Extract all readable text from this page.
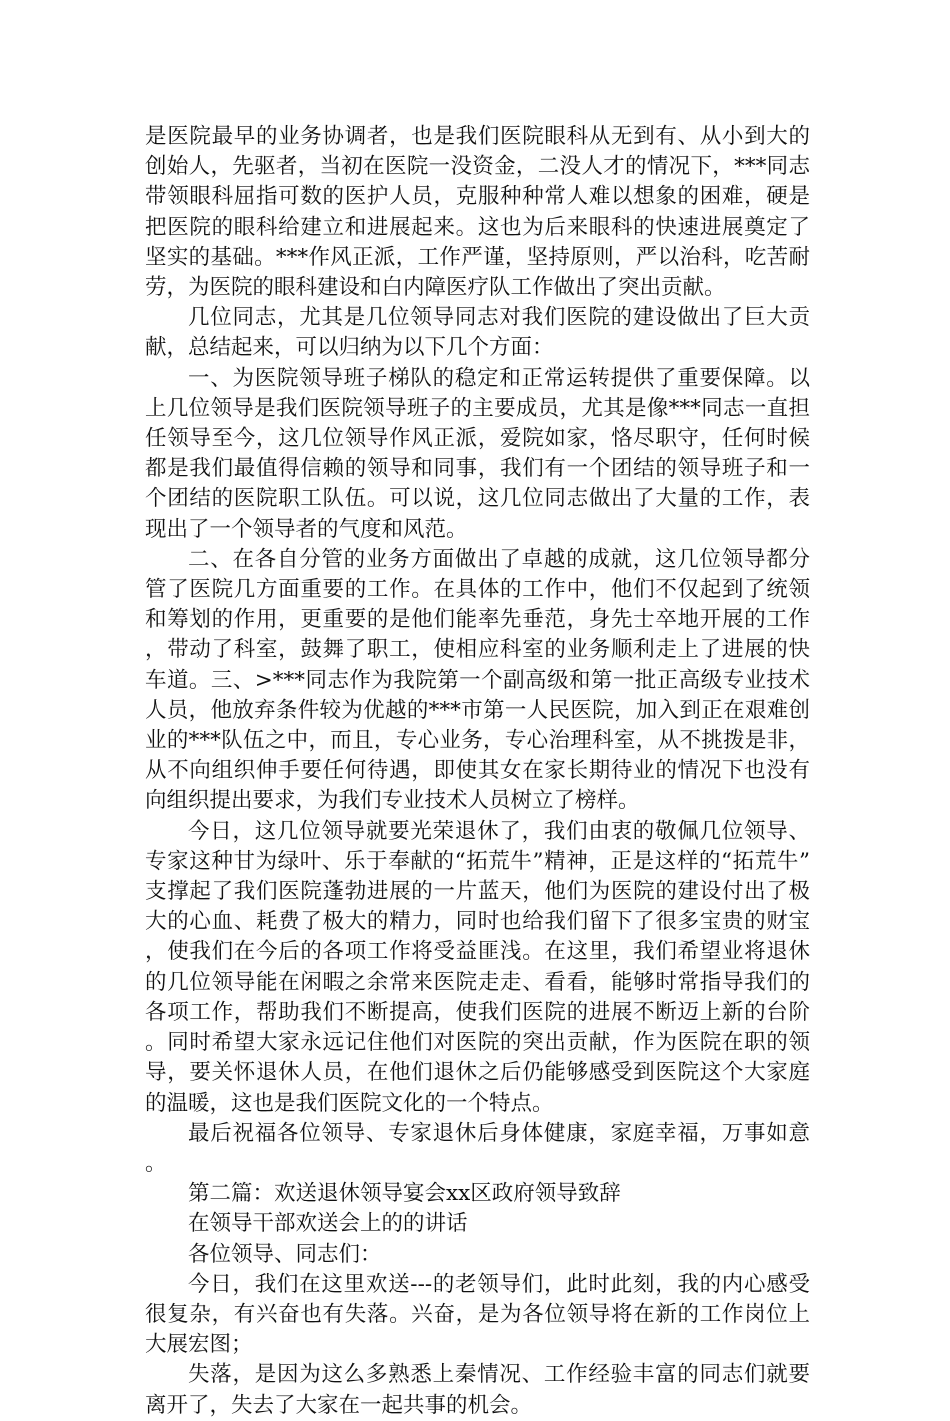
是医院最早的业务协调者，也是我们医院眼科从无到有、从小到大的创始人，先驱者，当初在医院一没资金，二没人才的情况下，***同志带领眼科屈指可数的医护人员，克服种种常人难以想象的困难，硬是把医院的眼科给建立和进展起来。这也为后来眼科的快速进展奠定了坚实的基础。***作风正派，工作严谨，坚持原则，严以治科，吃苦耐劳，为医院的眼科建设和白内障医疗队工作做出了突出贡献。

几位同志，尤其是几位领导同志对我们医院的建设做出了巨大贡献，总结起来，可以归纳为以下几个方面：

一、为医院领导班子梯队的稳定和正常运转提供了重要保障。以上几位领导是我们医院领导班子的主要成员，尤其是像***同志一直担任领导至今，这几位领导作风正派，爱院如家，恪尽职守，任何时候都是我们最值得信赖的领导和同事，我们有一个团结的领导班子和一个团结的医院职工队伍。可以说，这几位同志做出了大量的工作，表现出了一个领导者的气度和风范。

二、在各自分管的业务方面做出了卓越的成就，这几位领导都分管了医院几方面重要的工作。在具体的工作中，他们不仅起到了统领和筹划的作用，更重要的是他们能率先垂范，身先士卒地开展的工作，带动了科室，鼓舞了职工，使相应科室的业务顺利走上了进展的快车道。三、>***同志作为我院第一个副高级和第一批正高级专业技术人员，他放弃条件较为优越的***市第一人民医院，加入到正在艰难创业的***队伍之中，而且，专心业务，专心治理科室，从不挑拨是非，从不向组织伸手要任何待遇，即使其女在家长期待业的情况下也没有向组织提出要求，为我们专业技术人员树立了榜样。

今日，这几位领导就要光荣退休了，我们由衷的敬佩几位领导、专家这种甘为绿叶、乐于奉献的“拓荒牛”精神，正是这样的“拓荒牛”支撑起了我们医院蓬勃进展的一片蓝天，他们为医院的建设付出了极大的心血、耗费了极大的精力，同时也给我们留下了很多宝贵的财宝，使我们在今后的各项工作将受益匪浅。在这里，我们希望业将退休的几位领导能在闲暇之余常来医院走走、看看，能够时常指导我们的各项工作，帮助我们不断提高，使我们医院的进展不断迈上新的台阶。同时希望大家永远记住他们对医院的突出贡献，作为医院在职的领导，要关怀退休人员，在他们退休之后仍能够感受到医院这个大家庭的温暖，这也是我们医院文化的一个特点。

最后祝福各位领导、专家退休后身体健康，家庭幸福，万事如意。

第二篇：欢送退休领导宴会xx区政府领导致辞

在领导干部欢送会上的的讲话

各位领导、同志们：

今日，我们在这里欢送---的老领导们，此时此刻，我的内心感受很复杂，有兴奋也有失落。兴奋，是为各位领导将在新的工作岗位上大展宏图；

失落，是因为这么多熟悉上秦情况、工作经验丰富的同志们就要离开了，失去了大家在一起共事的机会。
